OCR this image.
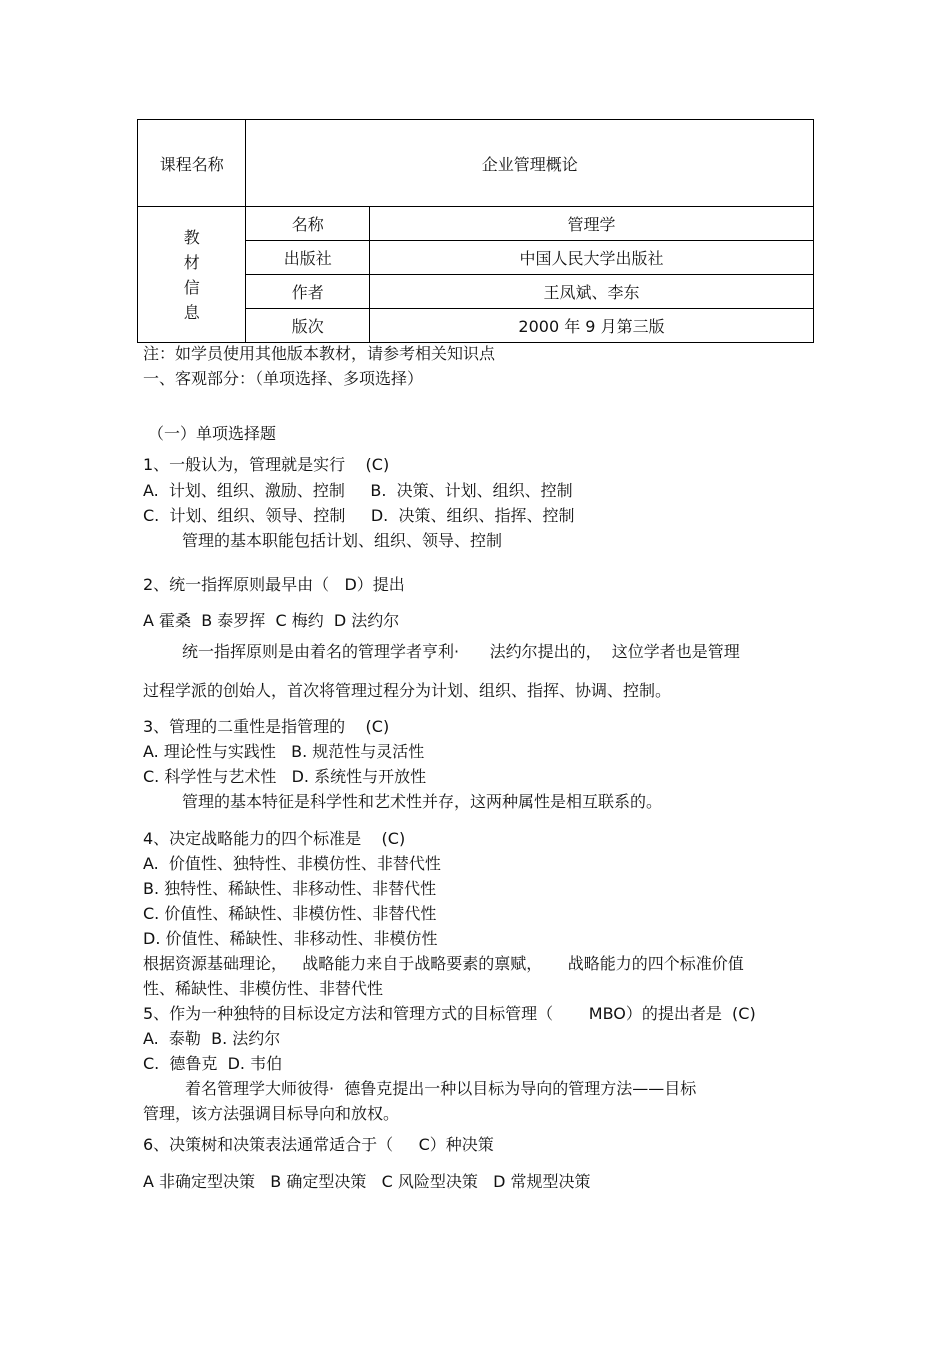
课程名称	企业管理概论	

教
材
信
息	名称	管理学
	出版社	中国人民大学出版社
	作者	王凤斌、李东
	版次	2000 年 9 月第三版
注：如学员使用其他版本教材，请参考相关知识点
一、客观部分：（单项选择、多项选择）
（一）单项选择题
1、一般认为，管理就是实行    (C)
A.  计划、组织、激励、控制     B.  决策、计划、组织、控制
C.  计划、组织、领导、控制     D.  决策、组织、指挥、控制
管理的基本职能包括计划、组织、领导、控制
2、统一指挥原则最早由（   D）提出
A 霍桑  B 泰罗挥  C 梅约  D 法约尔
统一指挥原则是由着名的管理学者亨利·      法约尔提出的，  这位学者也是管理
过程学派的创始人，首次将管理过程分为计划、组织、指挥、协调、控制。
3、管理的二重性是指管理的    (C)
A. 理论性与实践性   B. 规范性与灵活性
C. 科学性与艺术性   D. 系统性与开放性
管理的基本特征是科学性和艺术性并存，这两种属性是相互联系的。
4、决定战略能力的四个标准是    (C)
A.  价值性、独特性、非模仿性、非替代性
B. 独特性、稀缺性、非移动性、非替代性
C. 价值性、稀缺性、非模仿性、非替代性
D. 价值性、稀缺性、非移动性、非模仿性
根据资源基础理论，   战略能力来自于战略要素的禀赋，     战略能力的四个标准价值
性、稀缺性、非模仿性、非替代性
5、作为一种独特的目标设定方法和管理方式的目标管理（       MBO）的提出者是  (C)
A.  泰勒  B. 法约尔
C.  德鲁克  D. 韦伯
着名管理学大师彼得·  德鲁克提出一种以目标为导向的管理方法——目标
管理，该方法强调目标导向和放权。
6、决策树和决策表法通常适合于（     C）种决策
A 非确定型决策   B 确定型决策   C 风险型决策   D 常规型决策
